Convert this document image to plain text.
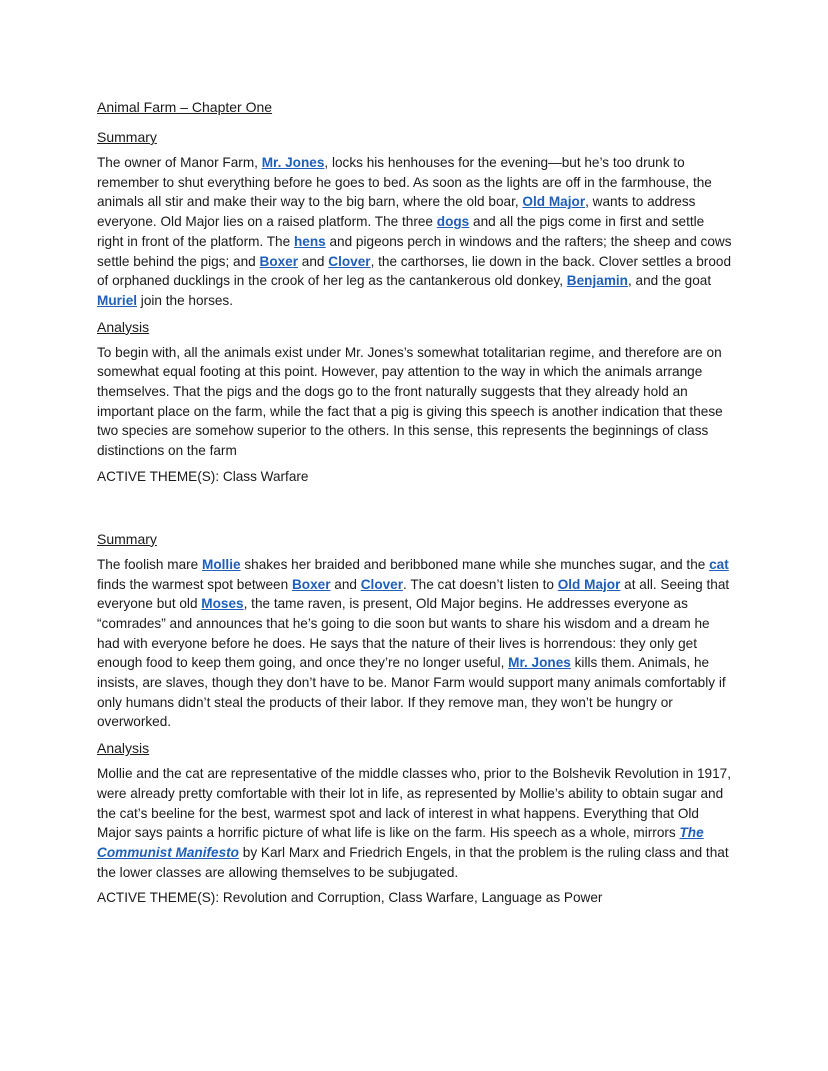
Animal Farm – Chapter One
Summary

The owner of Manor Farm, Mr. Jones, locks his henhouses for the evening—but he’s too drunk to remember to shut everything before he goes to bed. As soon as the lights are off in the farmhouse, the animals all stir and make their way to the big barn, where the old boar, Old Major, wants to address everyone. Old Major lies on a raised platform. The three dogs and all the pigs come in first and settle right in front of the platform. The hens and pigeons perch in windows and the rafters; the sheep and cows settle behind the pigs; and Boxer and Clover, the carthorses, lie down in the back. Clover settles a brood of orphaned ducklings in the crook of her leg as the cantankerous old donkey, Benjamin, and the goat Muriel join the horses.

Analysis

To begin with, all the animals exist under Mr. Jones’s somewhat totalitarian regime, and therefore are on somewhat equal footing at this point. However, pay attention to the way in which the animals arrange themselves. That the pigs and the dogs go to the front naturally suggests that they already hold an important place on the farm, while the fact that a pig is giving this speech is another indication that these two species are somehow superior to the others. In this sense, this represents the beginnings of class distinctions on the farm

ACTIVE THEME(S): Class Warfare
Summary

The foolish mare Mollie shakes her braided and beribboned mane while she munches sugar, and the cat finds the warmest spot between Boxer and Clover. The cat doesn’t listen to Old Major at all. Seeing that everyone but old Moses, the tame raven, is present, Old Major begins. He addresses everyone as “comrades” and announces that he’s going to die soon but wants to share his wisdom and a dream he had with everyone before he does. He says that the nature of their lives is horrendous: they only get enough food to keep them going, and once they’re no longer useful, Mr. Jones kills them. Animals, he insists, are slaves, though they don’t have to be. Manor Farm would support many animals comfortably if only humans didn’t steal the products of their labor. If they remove man, they won’t be hungry or overworked.

Analysis

Mollie and the cat are representative of the middle classes who, prior to the Bolshevik Revolution in 1917, were already pretty comfortable with their lot in life, as represented by Mollie’s ability to obtain sugar and the cat’s beeline for the best, warmest spot and lack of interest in what happens. Everything that Old Major says paints a horrific picture of what life is like on the farm. His speech as a whole, mirrors The Communist Manifesto by Karl Marx and Friedrich Engels, in that the problem is the ruling class and that the lower classes are allowing themselves to be subjugated.

ACTIVE THEME(S): Revolution and Corruption, Class Warfare, Language as Power
